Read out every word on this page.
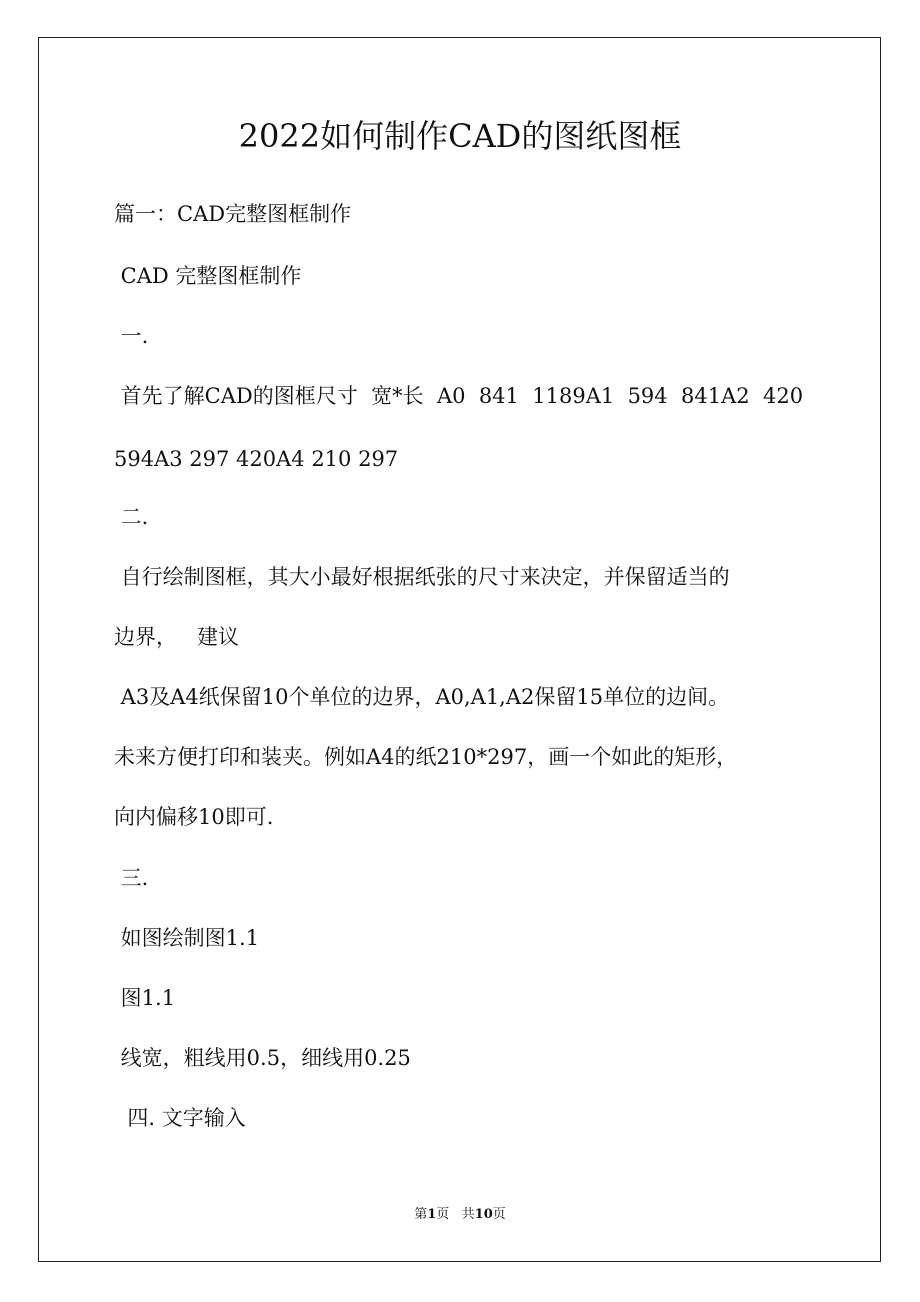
2022如何制作CAD的图纸图框

篇一：CAD完整图框制作

CAD 完整图框制作

一.

首先了解CAD的图框尺寸  宽*长  A0  841  1189A1  594  841A2  420

594A3 297 420A4 210 297

二.

自行绘制图框，其大小最好根据纸张的尺寸来决定，并保留适当的

边界，   建议

A3及A4纸保留10个单位的边界，A0,A1,A2保留15单位的边间。

未来方便打印和装夹。例如A4的纸210*297，画一个如此的矩形，

向内偏移10即可.

三.

如图绘制图1.1

图1.1

线宽，粗线用0.5，细线用0.25

四. 文字输入

第1页   共10页
